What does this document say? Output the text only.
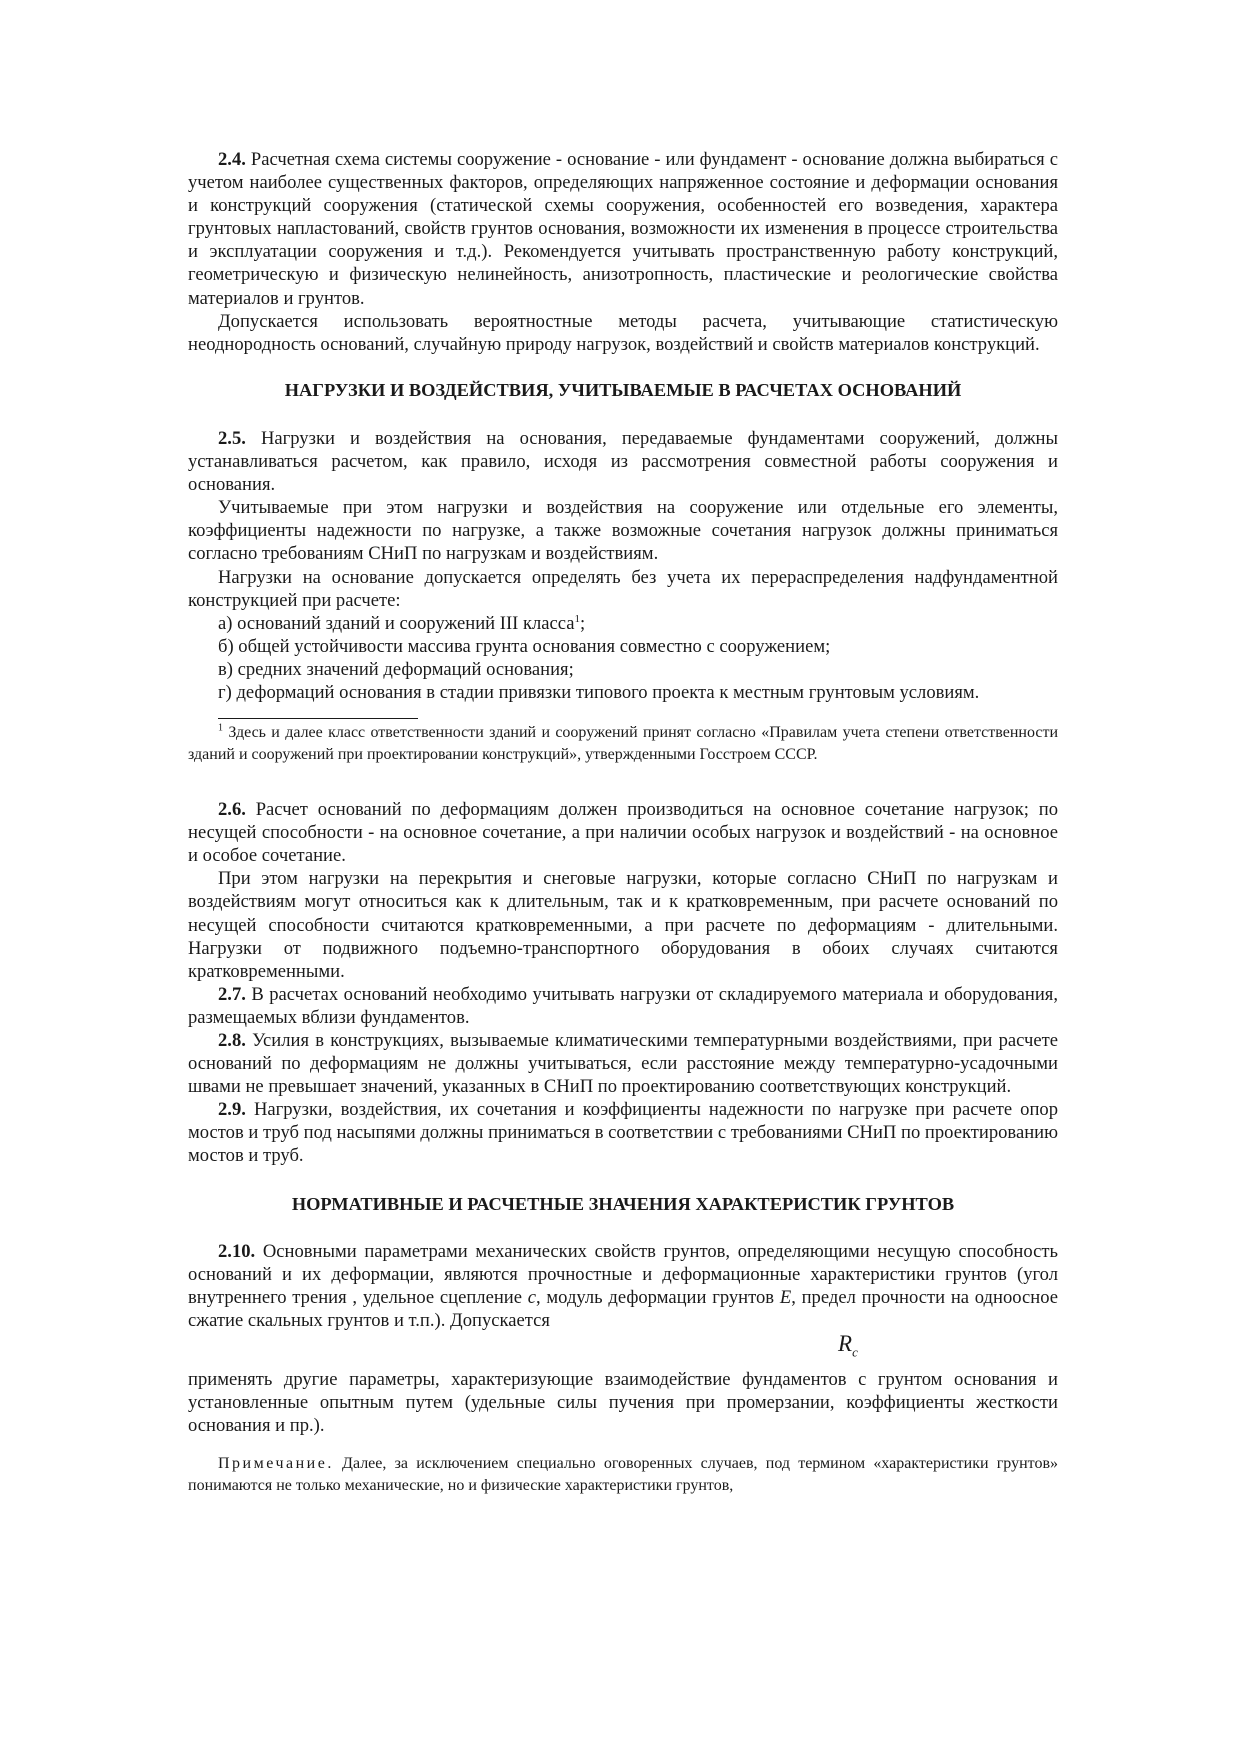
2.4. Расчетная схема системы сооружение - основание - или фундамент - основание должна выбираться с учетом наиболее существенных факторов, определяющих напряженное состояние и деформации основания и конструкций сооружения (статической схемы сооружения, особенностей его возведения, характера грунтовых напластований, свойств грунтов основания, возможности их изменения в процессе строительства и эксплуатации сооружения и т.д.). Рекомендуется учитывать пространственную работу конструкций, геометрическую и физическую нелинейность, анизотропность, пластические и реологические свойства материалов и грунтов.

Допускается использовать вероятностные методы расчета, учитывающие статистическую неоднородность оснований, случайную природу нагрузок, воздействий и свойств материалов конструкций.

НАГРУЗКИ И ВОЗДЕЙСТВИЯ, УЧИТЫВАЕМЫЕ В РАСЧЕТАХ ОСНОВАНИЙ

2.5. Нагрузки и воздействия на основания, передаваемые фундаментами сооружений, должны устанавливаться расчетом, как правило, исходя из рассмотрения совместной работы сооружения и основания.

Учитываемые при этом нагрузки и воздействия на сооружение или отдельные его элементы, коэффициенты надежности по нагрузке, а также возможные сочетания нагрузок должны приниматься согласно требованиям СНиП по нагрузкам и воздействиям.

Нагрузки на основание допускается определять без учета их перераспределения надфундаментной конструкцией при расчете:

а) оснований зданий и сооружений III класса$^1$;

б) общей устойчивости массива грунта основания совместно с сооружением;

в) средних значений деформаций основания;

г) деформаций основания в стадии привязки типового проекта к местным грунтовым условиям.

$^1$ Здесь и далее класс ответственности зданий и сооружений принят согласно «Правилам учета степени ответственности зданий и сооружений при проектировании конструкций», утвержденными Госстроем СССР.

2.6. Расчет оснований по деформациям должен производиться на основное сочетание нагрузок; по несущей способности - на основное сочетание, а при наличии особых нагрузок и воздействий - на основное и особое сочетание.

При этом нагрузки на перекрытия и снеговые нагрузки, которые согласно СНиП по нагрузкам и воздействиям могут относиться как к длительным, так и к кратковременным, при расчете оснований по несущей способности считаются кратковременными, а при расчете по деформациям - длительными. Нагрузки от подвижного подъемно-транспортного оборудования в обоих случаях считаются кратковременными.

2.7. В расчетах оснований необходимо учитывать нагрузки от складируемого материала и оборудования, размещаемых вблизи фундаментов.

2.8. Усилия в конструкциях, вызываемые климатическими температурными воздействиями, при расчете оснований по деформациям не должны учитываться, если расстояние между температурно-усадочными швами не превышает значений, указанных в СНиП по проектированию соответствующих конструкций.

2.9. Нагрузки, воздействия, их сочетания и коэффициенты надежности по нагрузке при расчете опор мостов и труб под насыпями должны приниматься в соответствии с требованиями СНиП по проектированию мостов и труб.

НОРМАТИВНЫЕ И РАСЧЕТНЫЕ ЗНАЧЕНИЯ ХАРАКТЕРИСТИК ГРУНТОВ

2.10. Основными параметрами механических свойств грунтов, определяющими несущую способность оснований и их деформации, являются прочностные и деформационные характеристики грунтов (угол внутреннего трения , удельное сцепление c, модуль деформации грунтов E, предел прочности на одноосное сжатие скальных грунтов и т.п.). Допускается

$R_c$

применять другие параметры, характеризующие взаимодействие фундаментов с грунтом основания и установленные опытным путем (удельные силы пучения при промерзании, коэффициенты жесткости основания и пр.).

Примечание. Далее, за исключением специально оговоренных случаев, под термином «характеристики грунтов» понимаются не только механические, но и физические характеристики грунтов,
